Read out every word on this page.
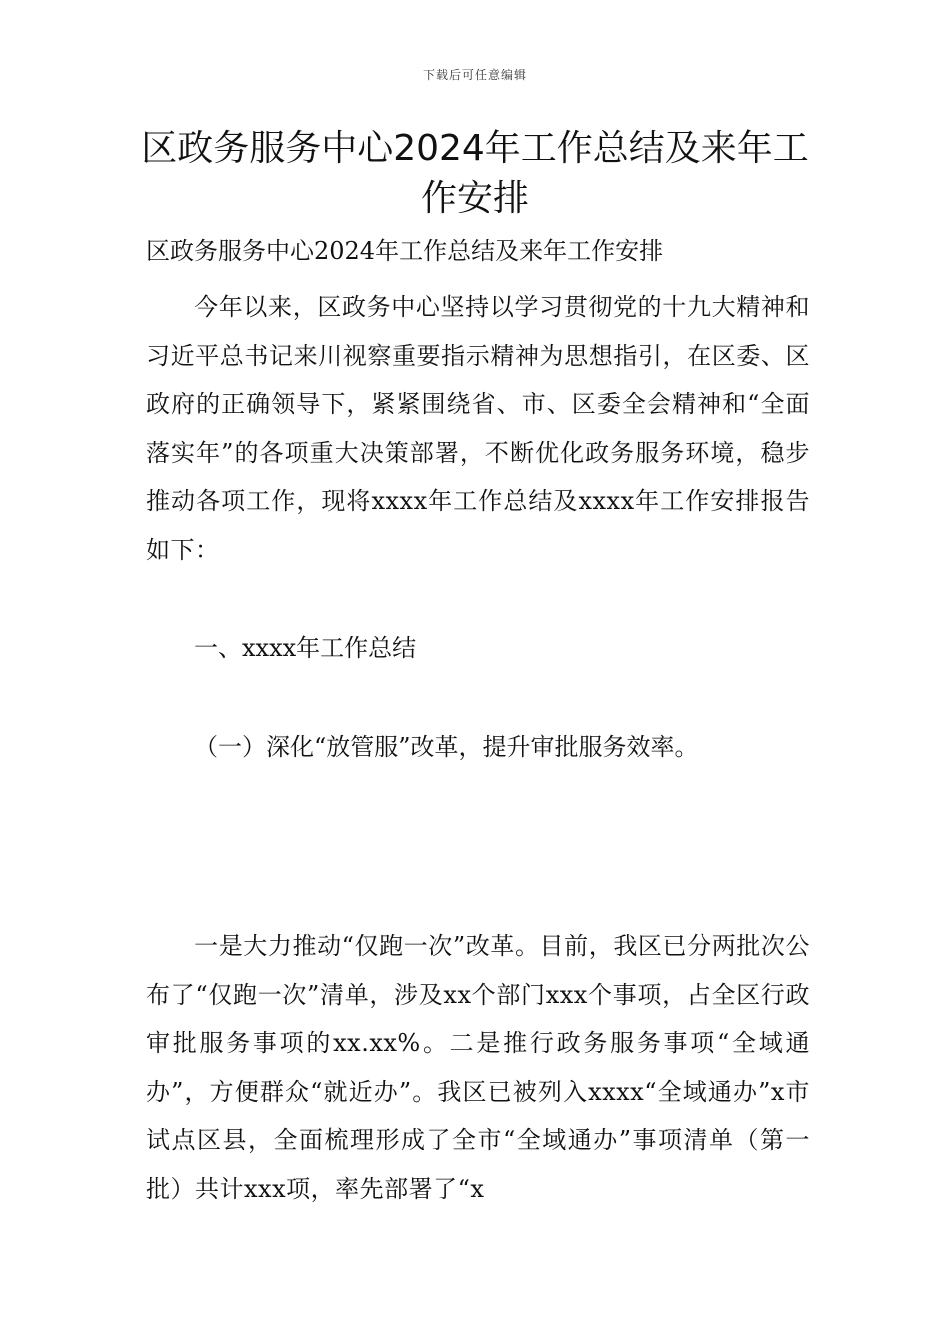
下载后可任意编辑
区政务服务中心2024年工作总结及来年工作安排
区政务服务中心2024年工作总结及来年工作安排
今年以来，区政务中心坚持以学习贯彻党的十九大精神和习近平总书记来川视察重要指示精神为思想指引，在区委、区政府的正确领导下，紧紧围绕省、市、区委全会精神和“全面落实年”的各项重大决策部署，不断优化政务服务环境，稳步推动各项工作，现将xxxx年工作总结及xxxx年工作安排报告如下：
一、xxxx年工作总结
（一）深化“放管服”改革，提升审批服务效率。
一是大力推动“仅跑一次”改革。目前，我区已分两批次公布了“仅跑一次”清单，涉及xx个部门xxx个事项，占全区行政审批服务事项的xx.xx%。二是推行政务服务事项“全域通办”，方便群众“就近办”。我区已被列入xxxx“全域通办”x市试点区县，全面梳理形成了全市“全域通办”事项清单（第一批）共计xxx项，率先部署了“x
